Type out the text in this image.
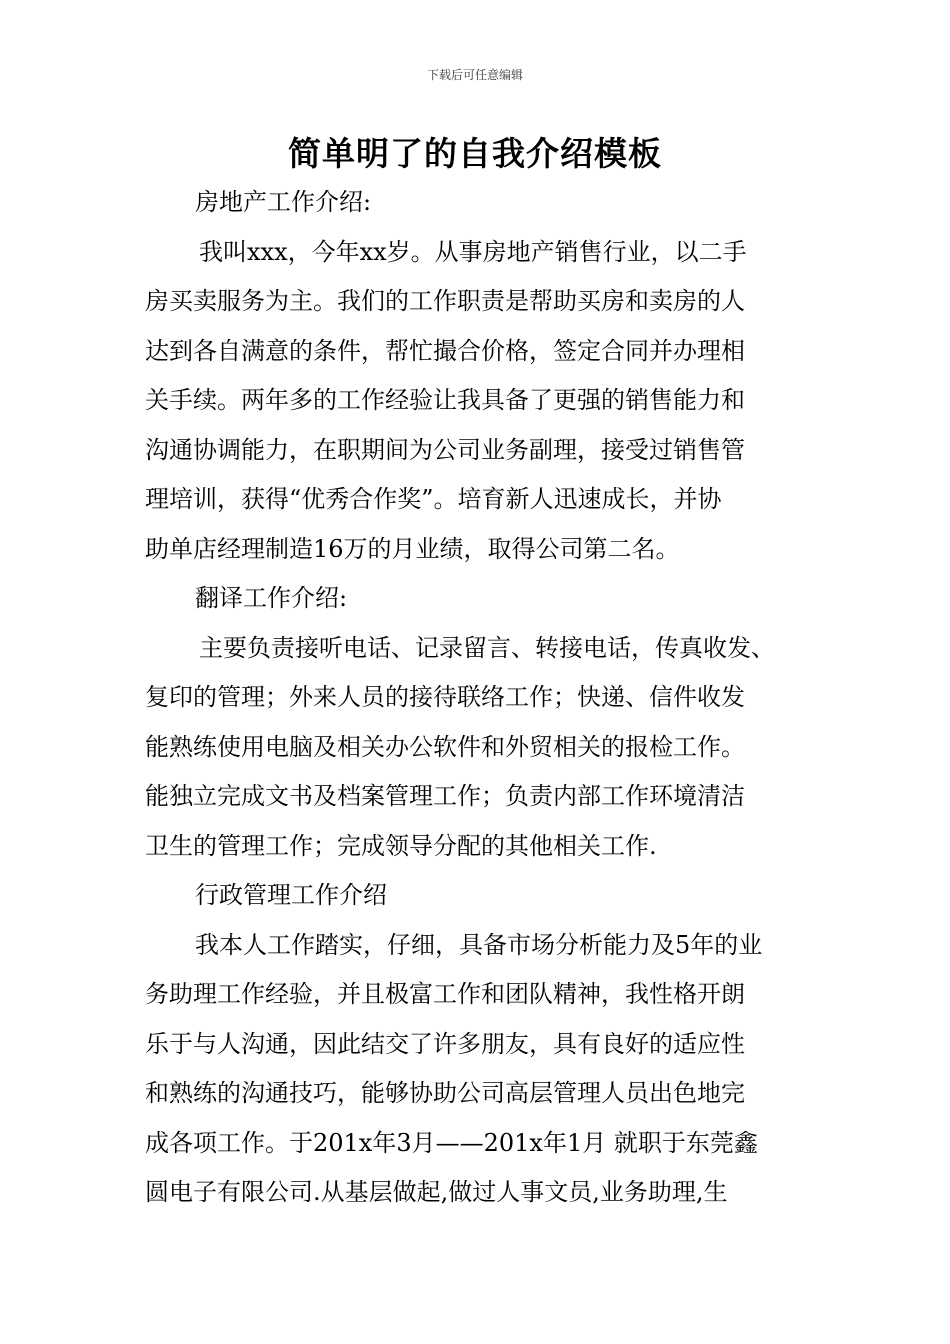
下载后可任意编辑
简单明了的自我介绍模板
房地产工作介绍:
我叫xxx，今年xx岁。从事房地产销售行业，以二手
房买卖服务为主。我们的工作职责是帮助买房和卖房的人
达到各自满意的条件，帮忙撮合价格，签定合同并办理相
关手续。两年多的工作经验让我具备了更强的销售能力和
沟通协调能力，在职期间为公司业务副理，接受过销售管
理培训，获得“优秀合作奖”。培育新人迅速成长，并协
助单店经理制造16万的月业绩，取得公司第二名。
翻译工作介绍:
主要负责接听电话、记录留言、转接电话，传真收发、
复印的管理；外来人员的接待联络工作；快递、信件收发
能熟练使用电脑及相关办公软件和外贸相关的报检工作。
能独立完成文书及档案管理工作；负责内部工作环境清洁
卫生的管理工作；完成领导分配的其他相关工作.
行政管理工作介绍
我本人工作踏实，仔细，具备市场分析能力及5年的业
务助理工作经验，并且极富工作和团队精神，我性格开朗
乐于与人沟通，因此结交了许多朋友，具有良好的适应性
和熟练的沟通技巧，能够协助公司高层管理人员出色地完
成各项工作。于201x年3月——201x年1月 就职于东莞鑫
圆电子有限公司.从基层做起,做过人事文员,业务助理,生
